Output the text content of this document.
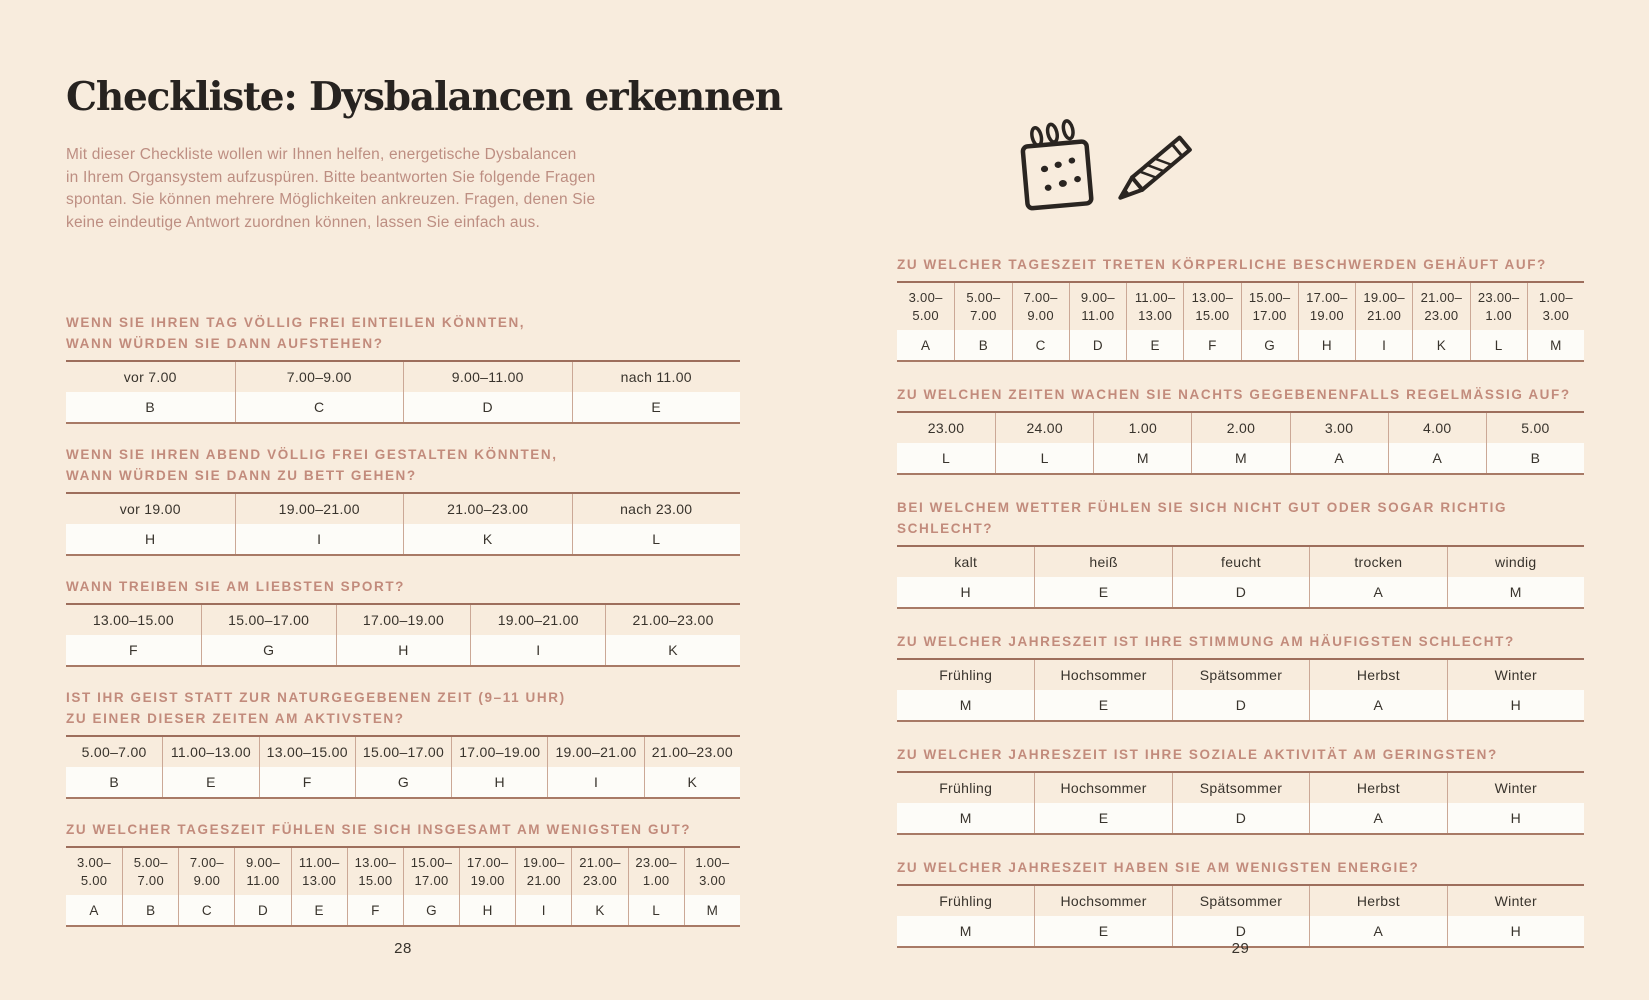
Checkliste: Dysbalancen erkennen
Mit dieser Checkliste wollen wir Ihnen helfen, energetische Dysbalancen
in Ihrem Organsystem aufzuspüren. Bitte beantworten Sie folgende Fragen
spontan. Sie können mehrere Möglichkeiten ankreuzen. Fragen, denen Sie
keine eindeutige Antwort zuordnen können, lassen Sie einfach aus.
WENN SIE IHREN TAG VÖLLIG FREI EINTEILEN KÖNNTEN,
WANN WÜRDEN SIE DANN AUFSTEHEN?
vor 7.00	7.00–9.00	9.00–11.00	nach 11.00
B	C	D	E
WENN SIE IHREN ABEND VÖLLIG FREI GESTALTEN KÖNNTEN,
WANN WÜRDEN SIE DANN ZU BETT GEHEN?
vor 19.00	19.00–21.00	21.00–23.00	nach 23.00
H	I	K	L
WANN TREIBEN SIE AM LIEBSTEN SPORT?
13.00–15.00	15.00–17.00	17.00–19.00	19.00–21.00	21.00–23.00
F	G	H	I	K
IST IHR GEIST STATT ZUR NATURGEGEBENEN ZEIT (9–11 UHR)
ZU EINER DIESER ZEITEN AM AKTIVSTEN?
5.00–7.00	11.00–13.00	13.00–15.00	15.00–17.00	17.00–19.00	19.00–21.00	21.00–23.00
B	E	F	G	H	I	K
ZU WELCHER TAGESZEIT FÜHLEN SIE SICH INSGESAMT AM WENIGSTEN GUT?
3.00–​5.00	5.00–​7.00	7.00–​9.00	9.00–​11.00	11.00–​13.00	13.00–​15.00	15.00–​17.00	17.00–​19.00	19.00–​21.00	21.00–​23.00	23.00–​1.00	1.00–​3.00
A	B	C	D	E	F	G	H	I	K	L	M
28
ZU WELCHER TAGESZEIT TRETEN KÖRPERLICHE BESCHWERDEN GEHÄUFT AUF?
3.00–​5.00	5.00–​7.00	7.00–​9.00	9.00–​11.00	11.00–​13.00	13.00–​15.00	15.00–​17.00	17.00–​19.00	19.00–​21.00	21.00–​23.00	23.00–​1.00	1.00–​3.00
A	B	C	D	E	F	G	H	I	K	L	M
ZU WELCHEN ZEITEN WACHEN SIE NACHTS GEGEBENENFALLS REGELMÄSSIG AUF?
23.00	24.00	1.00	2.00	3.00	4.00	5.00
L	L	M	M	A	A	B
BEI WELCHEM WETTER FÜHLEN SIE SICH NICHT GUT ODER SOGAR RICHTIG SCHLECHT?
kalt	heiß	feucht	trocken	windig
H	E	D	A	M
ZU WELCHER JAHRESZEIT IST IHRE STIMMUNG AM HÄUFIGSTEN SCHLECHT?
Frühling	Hochsommer	Spätsommer	Herbst	Winter
M	E	D	A	H
ZU WELCHER JAHRESZEIT IST IHRE SOZIALE AKTIVITÄT AM GERINGSTEN?
Frühling	Hochsommer	Spätsommer	Herbst	Winter
M	E	D	A	H
ZU WELCHER JAHRESZEIT HABEN SIE AM WENIGSTEN ENERGIE?
Frühling	Hochsommer	Spätsommer	Herbst	Winter
M	E	D	A	H
29
